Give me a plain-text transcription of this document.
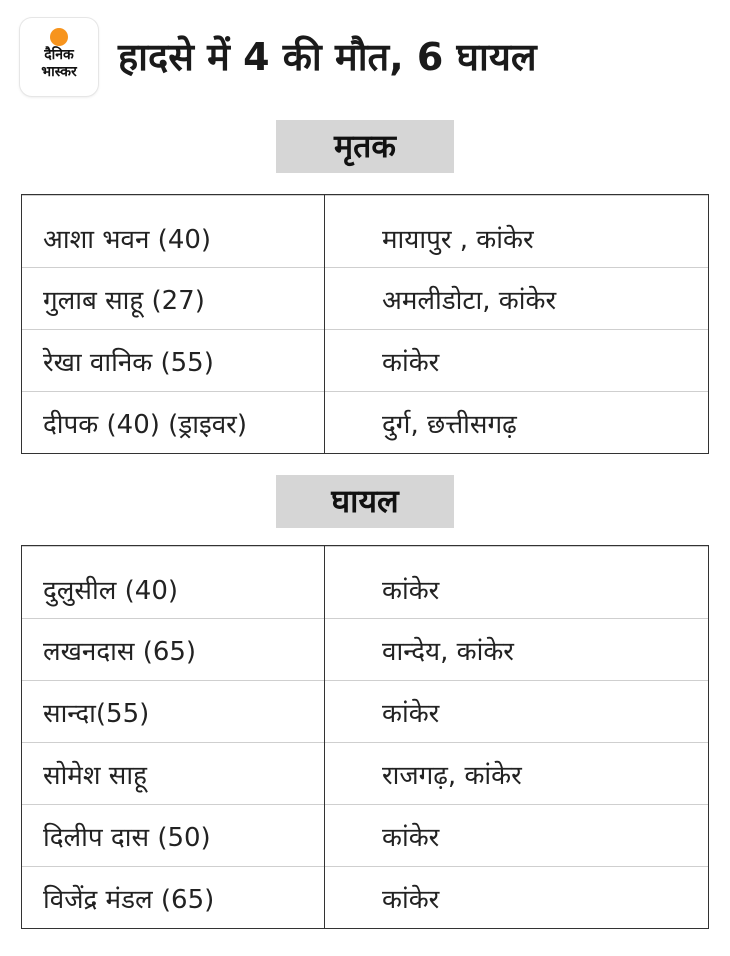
दैनिक
भास्कर	हादसे में 4 की मौत, 6 घायल
मृतक
आशा भवन (40)	मायापुर , कांकेर
गुलाब साहू (27)	अमलीडोटा, कांकेर
रेखा वानिक (55)	कांकेर
दीपक (40) (ड्राइवर)	दुर्ग, छत्तीसगढ़
घायल
दुलुसील (40)	कांकेर
लखनदास (65)	वान्देय, कांकेर
सान्दा(55)	कांकेर
सोमेश साहू	राजगढ़, कांकेर
दिलीप दास (50)	कांकेर
विजेंद्र मंडल (65)	कांकेर
